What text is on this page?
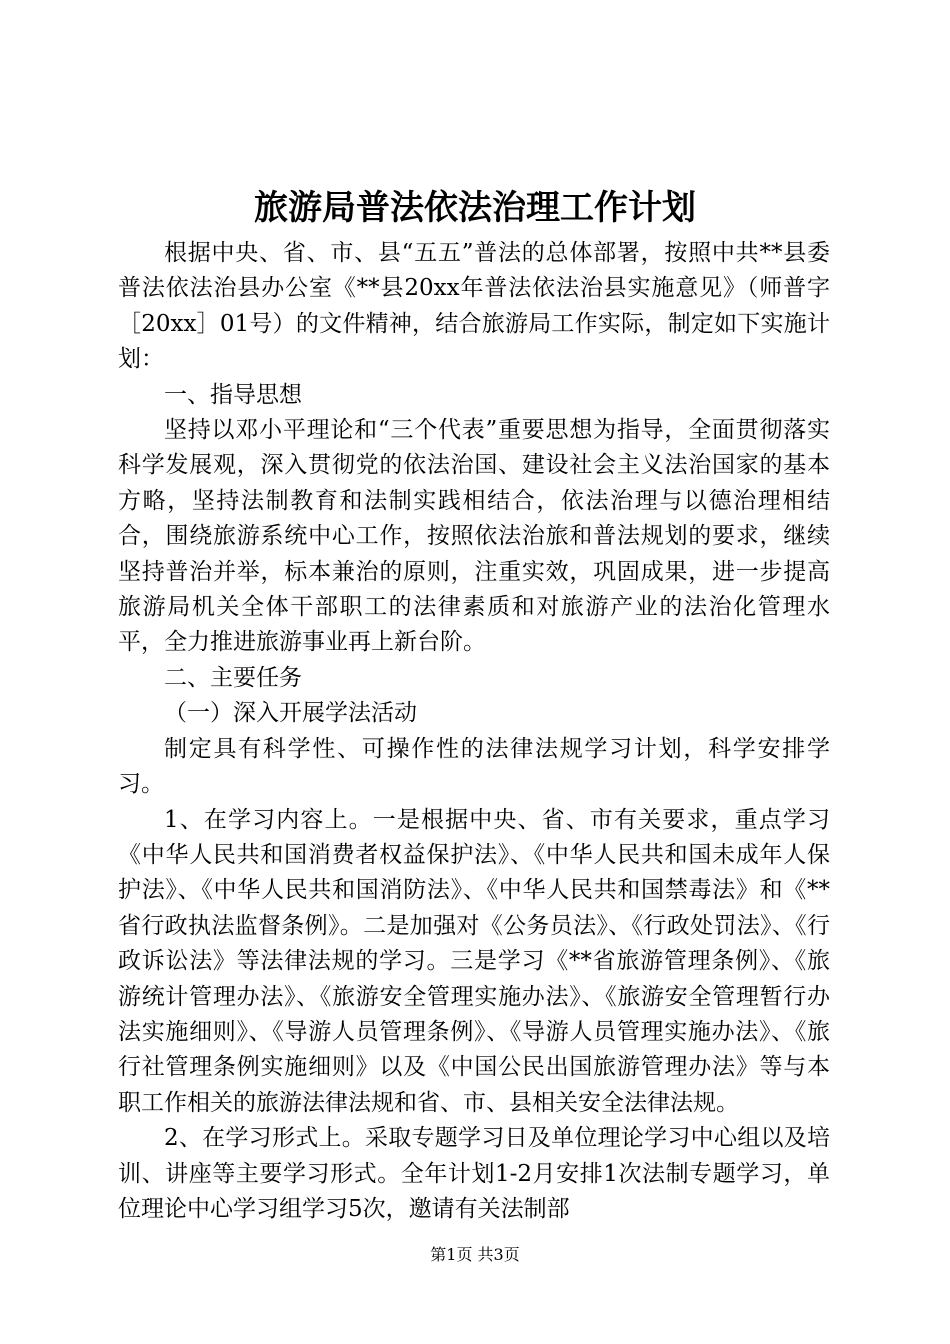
旅游局普法依法治理工作计划

根据中央、省、市、县“五五”普法的总体部署，按照中共**县委普法依法治县办公室《**县20xx年普法依法治县实施意见》（师普字［20xx］01号）的文件精神，结合旅游局工作实际，制定如下实施计划：

一、指导思想

坚持以邓小平理论和“三个代表”重要思想为指导，全面贯彻落实科学发展观，深入贯彻党的依法治国、建设社会主义法治国家的基本方略，坚持法制教育和法制实践相结合，依法治理与以德治理相结合，围绕旅游系统中心工作，按照依法治旅和普法规划的要求，继续坚持普治并举，标本兼治的原则，注重实效，巩固成果，进一步提高旅游局机关全体干部职工的法律素质和对旅游产业的法治化管理水平，全力推进旅游事业再上新台阶。

二、主要任务

（一）深入开展学法活动

制定具有科学性、可操作性的法律法规学习计划，科学安排学习。

1、在学习内容上。一是根据中央、省、市有关要求，重点学习《中华人民共和国消费者权益保护法》、《中华人民共和国未成年人保护法》、《中华人民共和国消防法》、《中华人民共和国禁毒法》和《**省行政执法监督条例》。二是加强对《公务员法》、《行政处罚法》、《行政诉讼法》等法律法规的学习。三是学习《**省旅游管理条例》、《旅游统计管理办法》、《旅游安全管理实施办法》、《旅游安全管理暂行办法实施细则》、《导游人员管理条例》、《导游人员管理实施办法》、《旅行社管理条例实施细则》以及《中国公民出国旅游管理办法》等与本职工作相关的旅游法律法规和省、市、县相关安全法律法规。

2、在学习形式上。采取专题学习日及单位理论学习中心组以及培训、讲座等主要学习形式。全年计划1-2月安排1次法制专题学习，单位理论中心学习组学习5次，邀请有关法制部

第1页 共3页
